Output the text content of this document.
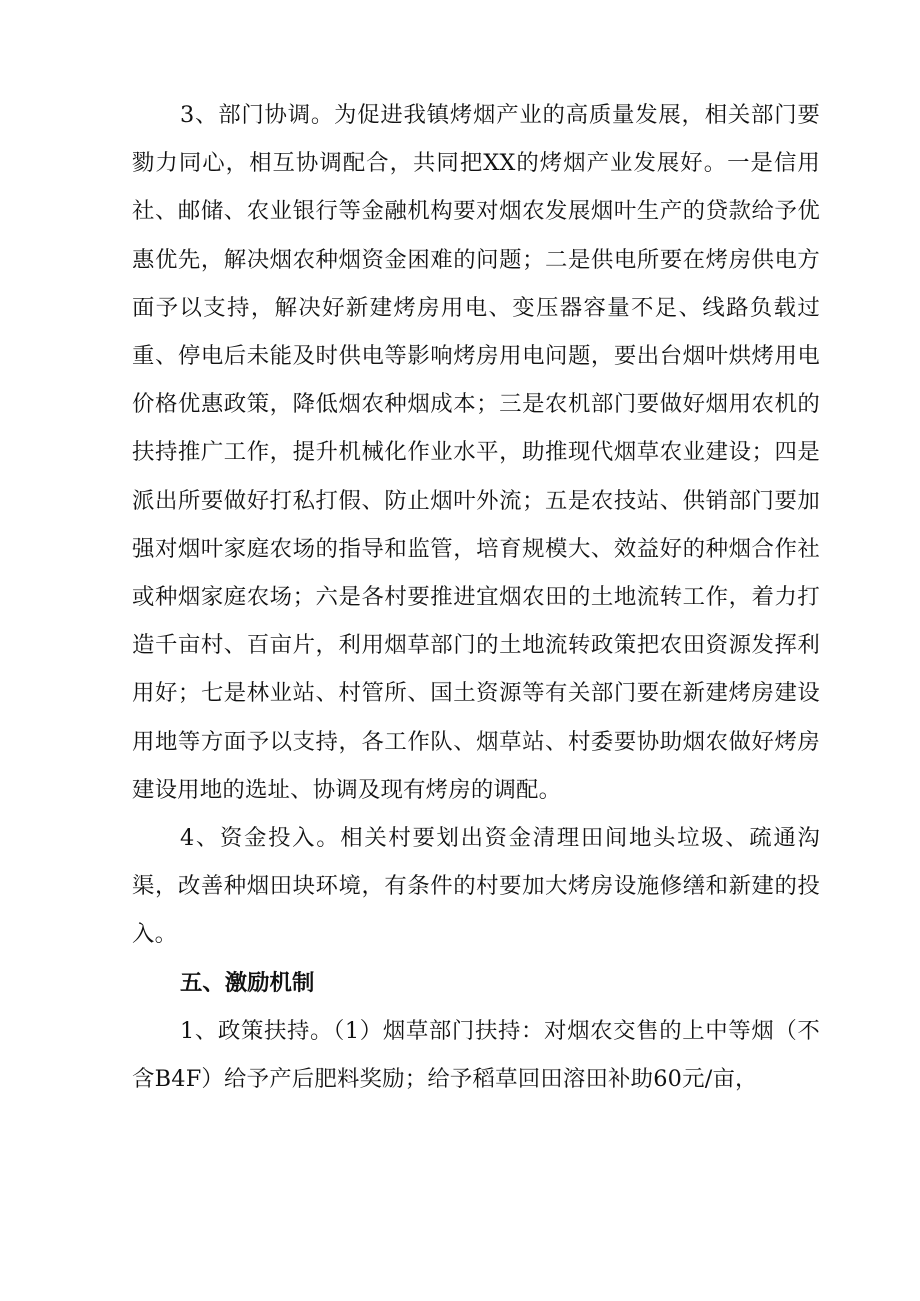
3、部门协调。为促进我镇烤烟产业的高质量发展，相关部门要勠力同心，相互协调配合，共同把XX的烤烟产业发展好。一是信用社、邮储、农业银行等金融机构要对烟农发展烟叶生产的贷款给予优惠优先，解决烟农种烟资金困难的问题；二是供电所要在烤房供电方面予以支持，解决好新建烤房用电、变压器容量不足、线路负载过重、停电后未能及时供电等影响烤房用电问题，要出台烟叶烘烤用电价格优惠政策，降低烟农种烟成本；三是农机部门要做好烟用农机的扶持推广工作，提升机械化作业水平，助推现代烟草农业建设；四是派出所要做好打私打假、防止烟叶外流；五是农技站、供销部门要加强对烟叶家庭农场的指导和监管，培育规模大、效益好的种烟合作社或种烟家庭农场；六是各村要推进宜烟农田的土地流转工作，着力打造千亩村、百亩片，利用烟草部门的土地流转政策把农田资源发挥利用好；七是林业站、村管所、国土资源等有关部门要在新建烤房建设用地等方面予以支持，各工作队、烟草站、村委要协助烟农做好烤房建设用地的选址、协调及现有烤房的调配。

4、资金投入。相关村要划出资金清理田间地头垃圾、疏通沟渠，改善种烟田块环境，有条件的村要加大烤房设施修缮和新建的投入。

五、激励机制

1、政策扶持。（1）烟草部门扶持：对烟农交售的上中等烟（不含B4F）给予产后肥料奖励；给予稻草回田溶田补助60元/亩，
